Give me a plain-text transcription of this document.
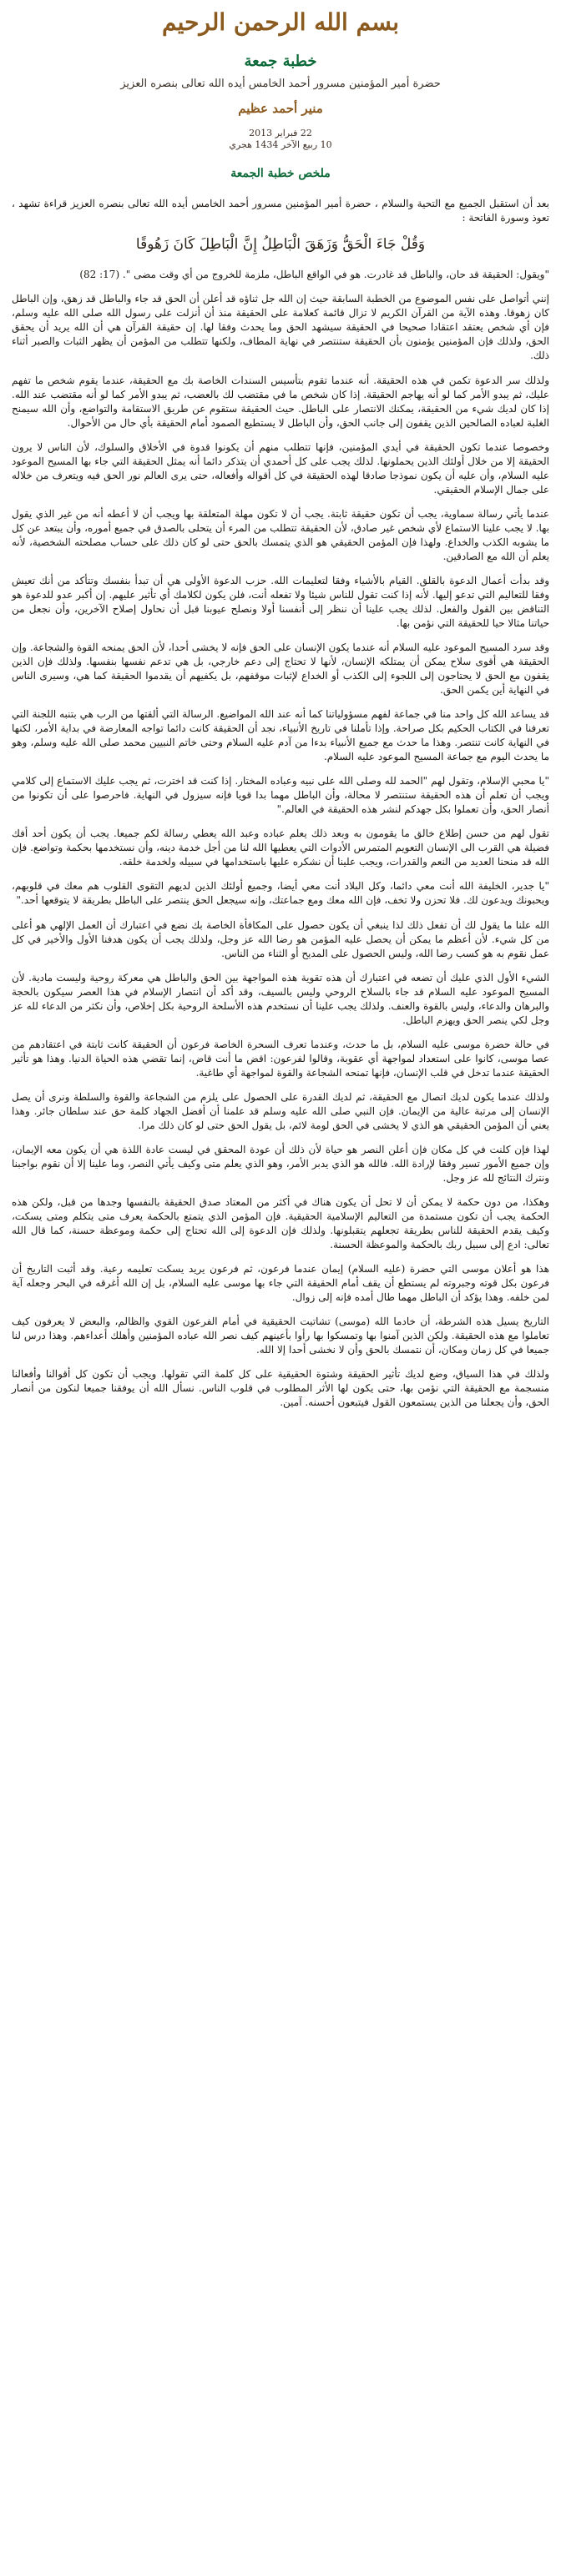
بسم الله الرحمن الرحيم
خطبة جمعة
حضرة أمير المؤمنين مسرور أحمد الخامس أيده الله تعالى بنصره العزيز
منير أحمد عظيم
22 فبراير 2013
10 ربيع الآخر 1434 هجري
ملخص خطبة الجمعة

بعد أن استقبل الجميع مع التحية والسلام ، حضرة أمير المؤمنين مسرور أحمد الخامس أيده الله تعالى بنصره العزيز قراءة تشهد ، تعوذ وسورة الفاتحة :

وَقُلْ جَاءَ الْحَقُّ وَزَهَقَ الْبَاطِلُ إِنَّ الْبَاطِلَ كَانَ زَهُوقًا

"ويقول: الحقيقة قد حان، والباطل قد غادرت. هو في الواقع الباطل، ملزمة للخروج من أي وقت مضى ". (17: 82)

إنني أتواصل على نفس الموضوع من الخطبة السابقة حيث إن الله جل ثناؤه قد أعلن أن الحق قد جاء والباطل قد زهق، وإن الباطل كان زهوقا. وهذه الآية من القرآن الكريم لا تزال قائمة كعلامة على الحقيقة منذ أن أنزلت على رسول الله صلى الله عليه وسلم، فإن أي شخص يعتقد اعتقادا صحيحا في الحقيقة سيشهد الحق وما يحدث وفقا لها. إن حقيقة القرآن هي أن الله يريد أن يحقق الحق، ولذلك فإن المؤمنين يؤمنون بأن الحقيقة ستنتصر في نهاية المطاف، ولكنها تتطلب من المؤمن أن يظهر الثبات والصبر أثناء ذلك.

ولذلك سر الدعوة تكمن في هذه الحقيقة. أنه عندما تقوم بتأسيس السندات الخاصة بك مع الحقيقة، عندما يقوم شخص ما تفهم عليك، ثم يبدو الأمر كما لو أنه يهاجم الحقيقة. إذا كان شخص ما في مقتضب لك بالعضب، ثم يبدو الأمر كما لو أنه مقتضب عند الله. إذا كان لديك شيء من الحقيقة، يمكنك الانتصار على الباطل. حيث الحقيقة ستقوم عن طريق الاستقامة والتواضع، وأن الله سيمنح الغلبة لعباده الصالحين الذين يقفون إلى جانب الحق، وأن الباطل لا يستطيع الصمود أمام الحقيقة بأي حال من الأحوال.

وخصوصا عندما تكون الحقيقة في أيدي المؤمنين، فإنها تتطلب منهم أن يكونوا قدوة في الأخلاق والسلوك، لأن الناس لا يرون الحقيقة إلا من خلال أولئك الذين يحملونها. لذلك يجب على كل أحمدي أن يتذكر دائما أنه يمثل الحقيقة التي جاء بها المسيح الموعود عليه السلام، وأن عليه أن يكون نموذجا صادقا لهذه الحقيقة في كل أقواله وأفعاله، حتى يرى العالم نور الحق فيه ويتعرف من خلاله على جمال الإسلام الحقيقي.

عندما يأتي رسالة سماوية، يجب أن تكون حقيقة ثابتة. يجب أن لا تكون مهلة المتعلقة بها ويجب أن لا أعطه أنه من غير الذي يقول بها. لا يجب علينا الاستماع لأي شخص غير صادق، لأن الحقيقة تتطلب من المرء أن يتحلى بالصدق في جميع أموره، وأن يبتعد عن كل ما يشوبه الكذب والخداع. ولهذا فإن المؤمن الحقيقي هو الذي يتمسك بالحق حتى لو كان ذلك على حساب مصلحته الشخصية، لأنه يعلم أن الله مع الصادقين.

وقد بدأت أعمال الدعوة بالقلق. القيام بالأشياء وفقا لتعليمات الله. حزب الدعوة الأولى هي أن تبدأ بنفسك وتتأكد من أنك تعيش وفقا للتعاليم التي تدعو إليها. لأنه إذا كنت تقول للناس شيئا ولا تفعله أنت، فلن يكون لكلامك أي تأثير عليهم. إن أكبر عدو للدعوة هو التناقض بين القول والفعل. لذلك يجب علينا أن ننظر إلى أنفسنا أولا ونصلح عيوبنا قبل أن نحاول إصلاح الآخرين، وأن نجعل من حياتنا مثالا حيا للحقيقة التي نؤمن بها.

وقد سرد المسيح الموعود عليه السلام أنه عندما يكون الإنسان على الحق فإنه لا يخشى أحدا، لأن الحق يمنحه القوة والشجاعة. وإن الحقيقة هي أقوى سلاح يمكن أن يمتلكه الإنسان، لأنها لا تحتاج إلى دعم خارجي، بل هي تدعم نفسها بنفسها. ولذلك فإن الذين يقفون مع الحق لا يحتاجون إلى اللجوء إلى الكذب أو الخداع لإثبات موقفهم، بل يكفيهم أن يقدموا الحقيقة كما هي، وسيرى الناس في النهاية أين يكمن الحق.

قد يساعد الله كل واحد منا في جماعة لفهم مسؤولياتنا كما أنه عند الله المواضيع. الرسالة التي ألقتها من الرب هي بتنبه اللجنة التي تعرفنا في الكتاب الحكيم بكل صراحة. وإذا تأملنا في تاريخ الأنبياء، نجد أن الحقيقة كانت دائما تواجه المعارضة في بداية الأمر، لكنها في النهاية كانت تنتصر. وهذا ما حدث مع جميع الأنبياء بدءا من آدم عليه السلام وحتى خاتم النبيين محمد صلى الله عليه وسلم، وهو ما يحدث اليوم مع جماعة المسيح الموعود عليه السلام.

"يا محبي الإسلام، وتقول لهم "الحمد لله وصلى الله على نبيه وعباده المختار. إذا كنت قد اخترت، ثم يجب عليك الاستماع إلى كلامي ويجب أن تعلم أن هذه الحقيقة ستنتصر لا محالة، وأن الباطل مهما بدا قويا فإنه سيزول في النهاية. فاحرصوا على أن تكونوا من أنصار الحق، وأن تعملوا بكل جهدكم لنشر هذه الحقيقة في العالم."

تقول لهم من حسن إطلاع خالق ما يقومون به وبعد ذلك يعلم عباده وعبد الله يعطي رسالة لكم جميعا. يجب أن يكون أحد أفك فضيلة هي القرب الى الإنسان التعويم المتمرس الأدوات التي يعطيها الله لنا من أجل خدمة دينه، وأن نستخدمها بحكمة وتواضع. فإن الله قد منحنا العديد من النعم والقدرات، ويجب علينا أن نشكره عليها باستخدامها في سبيله ولخدمة خلقه.

"يا جدير، الخليفة الله أنت معي دائما، وكل البلاد أنت معي أيضا، وجميع أولئك الذين لديهم التقوى القلوب هم معك في قلوبهم، ويحبونك ويدعون لك. فلا تحزن ولا تخف، فإن الله معك ومع جماعتك، وإنه سيجعل الحق ينتصر على الباطل بطريقة لا يتوقعها أحد."

الله علنا ما يقول لك أن تفعل ذلك لذا ينبغي أن يكون حصول على المكافأة الخاصة بك نضع في اعتبارك أن العمل الإلهي هو أعلى من كل شيء. لأن أعظم ما يمكن أن يحصل عليه المؤمن هو رضا الله عز وجل، ولذلك يجب أن يكون هدفنا الأول والأخير في كل عمل نقوم به هو كسب رضا الله، وليس الحصول على المديح أو الثناء من الناس.

الشيء الأول الذي عليك أن تضعه في اعتبارك أن هذه تقوية هذه المواجهة بين الحق والباطل هي معركة روحية وليست مادية. لأن المسيح الموعود عليه السلام قد جاء بالسلاح الروحي وليس بالسيف، وقد أكد أن انتصار الإسلام في هذا العصر سيكون بالحجة والبرهان والدعاء، وليس بالقوة والعنف. ولذلك يجب علينا أن نستخدم هذه الأسلحة الروحية بكل إخلاص، وأن نكثر من الدعاء لله عز وجل لكي ينصر الحق ويهزم الباطل.

في حالة حضرة موسى عليه السلام، بل ما حدث، وعندما تعرف السحرة الخاصة فرعون أن الحقيقة كانت ثابتة في اعتقادهم من عصا موسى، كانوا على استعداد لمواجهة أي عقوبة، وقالوا لفرعون: اقض ما أنت قاض، إنما تقضي هذه الحياة الدنيا. وهذا هو تأثير الحقيقة عندما تدخل في قلب الإنسان، فإنها تمنحه الشجاعة والقوة لمواجهة أي طاغية.

ولذلك عندما يكون لديك اتصال مع الحقيقة، ثم لديك القدرة على الحصول على يلزم من الشجاعة والقوة والسلطة ونرى أن يصل الإنسان إلى مرتبة عالية من الإيمان. فإن النبي صلى الله عليه وسلم قد علمنا أن أفضل الجهاد كلمة حق عند سلطان جائر. وهذا يعني أن المؤمن الحقيقي هو الذي لا يخشى في الحق لومة لائم، بل يقول الحق حتى لو كان ذلك مرا.

لهذا فإن كلنت في كل مكان فإن أعلن النصر هو حياة لأن ذلك أن عودة المحقق في ليست عادة اللذة هي أن يكون معه الإيمان، وإن جميع الأمور تسير وفقا لإرادة الله. فالله هو الذي يدبر الأمر، وهو الذي يعلم متى وكيف يأتي النصر، وما علينا إلا أن نقوم بواجبنا ونترك النتائج لله عز وجل.

وهكذا، من دون حكمة لا يمكن أن لا تحل أن يكون هناك في أكثر من المعتاد صدق الحقيقة بالنفسها وجدها من قبل، ولكن هذه الحكمة يجب أن تكون مستمدة من التعاليم الإسلامية الحقيقية. فإن المؤمن الذي يتمتع بالحكمة يعرف متى يتكلم ومتى يسكت، وكيف يقدم الحقيقة للناس بطريقة تجعلهم يتقبلونها. ولذلك فإن الدعوة إلى الله تحتاج إلى حكمة وموعظة حسنة، كما قال الله تعالى: ادع إلى سبيل ربك بالحكمة والموعظة الحسنة.

هذا هو أعلان موسى التي حضرة (عليه السلام) إيمان عندما فرعون، ثم فرعون يريد يسكت تعليمه رعية. وقد أثبت التاريخ أن فرعون بكل قوته وجبروته لم يستطع أن يقف أمام الحقيقة التي جاء بها موسى عليه السلام، بل إن الله أغرقه في البحر وجعله آية لمن خلفه. وهذا يؤكد أن الباطل مهما طال أمده فإنه إلى زوال.

التاريخ يسيل هذه الشرطة، أن خادما الله (موسى) تشاتيت الحقيقية في أمام الفرعون القوي والظالم، والبعض لا يعرفون كيف تعاملوا مع هذه الحقيقة. ولكن الذين آمنوا بها وتمسكوا بها رأوا بأعينهم كيف نصر الله عباده المؤمنين وأهلك أعداءهم. وهذا درس لنا جميعا في كل زمان ومكان، أن نتمسك بالحق وأن لا نخشى أحدا إلا الله.

ولذلك في هذا السياق، وضع لديك تأثير الحقيقة وشتوة الحقيقية على كل كلمة التي تقولها. ويجب أن تكون كل أقوالنا وأفعالنا منسجمة مع الحقيقة التي نؤمن بها، حتى يكون لها الأثر المطلوب في قلوب الناس. نسأل الله أن يوفقنا جميعا لنكون من أنصار الحق، وأن يجعلنا من الذين يستمعون القول فيتبعون أحسنه. آمين.
